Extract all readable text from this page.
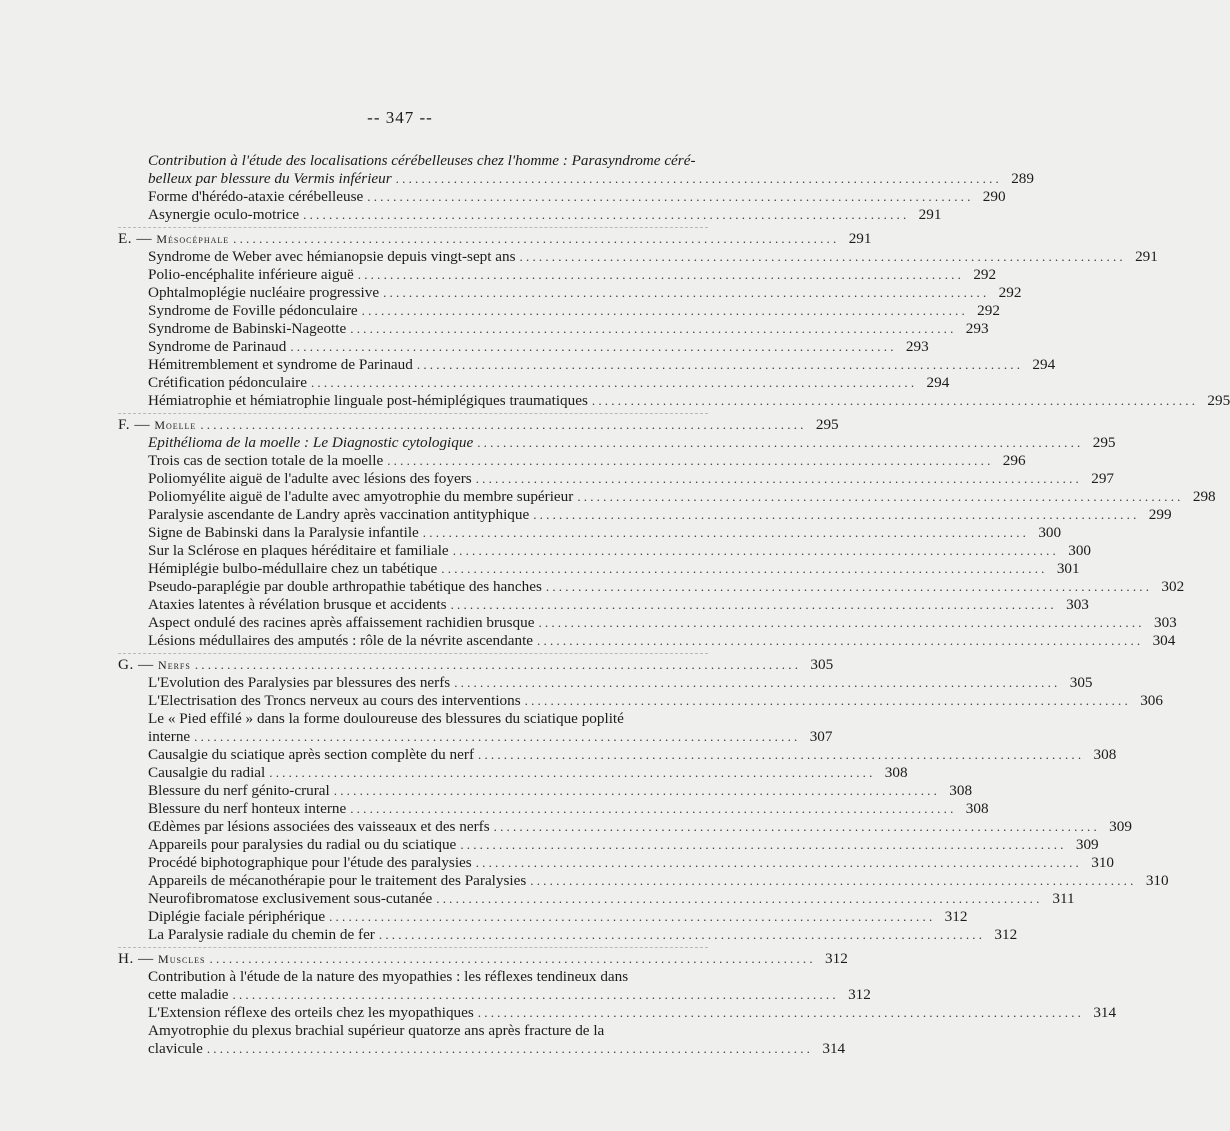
-- 347 --
Contribution à l'étude des localisations cérébelleuses chez l'homme : Parasyndrome céré-
belleux par blessure du Vermis inférieur .............................................................................................. 289
Forme d'hérédo-ataxie cérébelleuse .............................................................................................. 290
Asynergie oculo-motrice .............................................................................................. 291
E. — Mésocéphale .............................................................................................. 291
Syndrome de Weber avec hémianopsie depuis vingt-sept ans .............................................................................................. 291
Polio-encéphalite inférieure aiguë .............................................................................................. 292
Ophtalmoplégie nucléaire progressive .............................................................................................. 292
Syndrome de Foville pédonculaire .............................................................................................. 292
Syndrome de Babinski-Nageotte .............................................................................................. 293
Syndrome de Parinaud .............................................................................................. 293
Hémitremblement et syndrome de Parinaud .............................................................................................. 294
Crétification pédonculaire .............................................................................................. 294
Hémiatrophie et hémiatrophie linguale post-hémiplégiques traumatiques .............................................................................................. 295
F. — Moelle .............................................................................................. 295
Epithélioma de la moelle : Le Diagnostic cytologique .............................................................................................. 295
Trois cas de section totale de la moelle .............................................................................................. 296
Poliomyélite aiguë de l'adulte avec lésions des foyers .............................................................................................. 297
Poliomyélite aiguë de l'adulte avec amyotrophie du membre supérieur .............................................................................................. 298
Paralysie ascendante de Landry après vaccination antityphique .............................................................................................. 299
Signe de Babinski dans la Paralysie infantile .............................................................................................. 300
Sur la Sclérose en plaques héréditaire et familiale .............................................................................................. 300
Hémiplégie bulbo-médullaire chez un tabétique .............................................................................................. 301
Pseudo-paraplégie par double arthropathie tabétique des hanches .............................................................................................. 302
Ataxies latentes à révélation brusque et accidents .............................................................................................. 303
Aspect ondulé des racines après affaissement rachidien brusque .............................................................................................. 303
Lésions médullaires des amputés : rôle de la névrite ascendante .............................................................................................. 304
G. — Nerfs .............................................................................................. 305
L'Evolution des Paralysies par blessures des nerfs .............................................................................................. 305
L'Electrisation des Troncs nerveux au cours des interventions .............................................................................................. 306
Le « Pied effilé » dans la forme douloureuse des blessures du sciatique poplité
interne .............................................................................................. 307
Causalgie du sciatique après section complète du nerf .............................................................................................. 308
Causalgie du radial .............................................................................................. 308
Blessure du nerf génito-crural .............................................................................................. 308
Blessure du nerf honteux interne .............................................................................................. 308
Œdèmes par lésions associées des vaisseaux et des nerfs .............................................................................................. 309
Appareils pour paralysies du radial ou du sciatique .............................................................................................. 309
Procédé biphotographique pour l'étude des paralysies .............................................................................................. 310
Appareils de mécanothérapie pour le traitement des Paralysies .............................................................................................. 310
Neurofibromatose exclusivement sous-cutanée .............................................................................................. 311
Diplégie faciale périphérique .............................................................................................. 312
La Paralysie radiale du chemin de fer .............................................................................................. 312
H. — Muscles .............................................................................................. 312
Contribution à l'étude de la nature des myopathies : les réflexes tendineux dans
cette maladie .............................................................................................. 312
L'Extension réflexe des orteils chez les myopathiques .............................................................................................. 314
Amyotrophie du plexus brachial supérieur quatorze ans après fracture de la
clavicule .............................................................................................. 314
